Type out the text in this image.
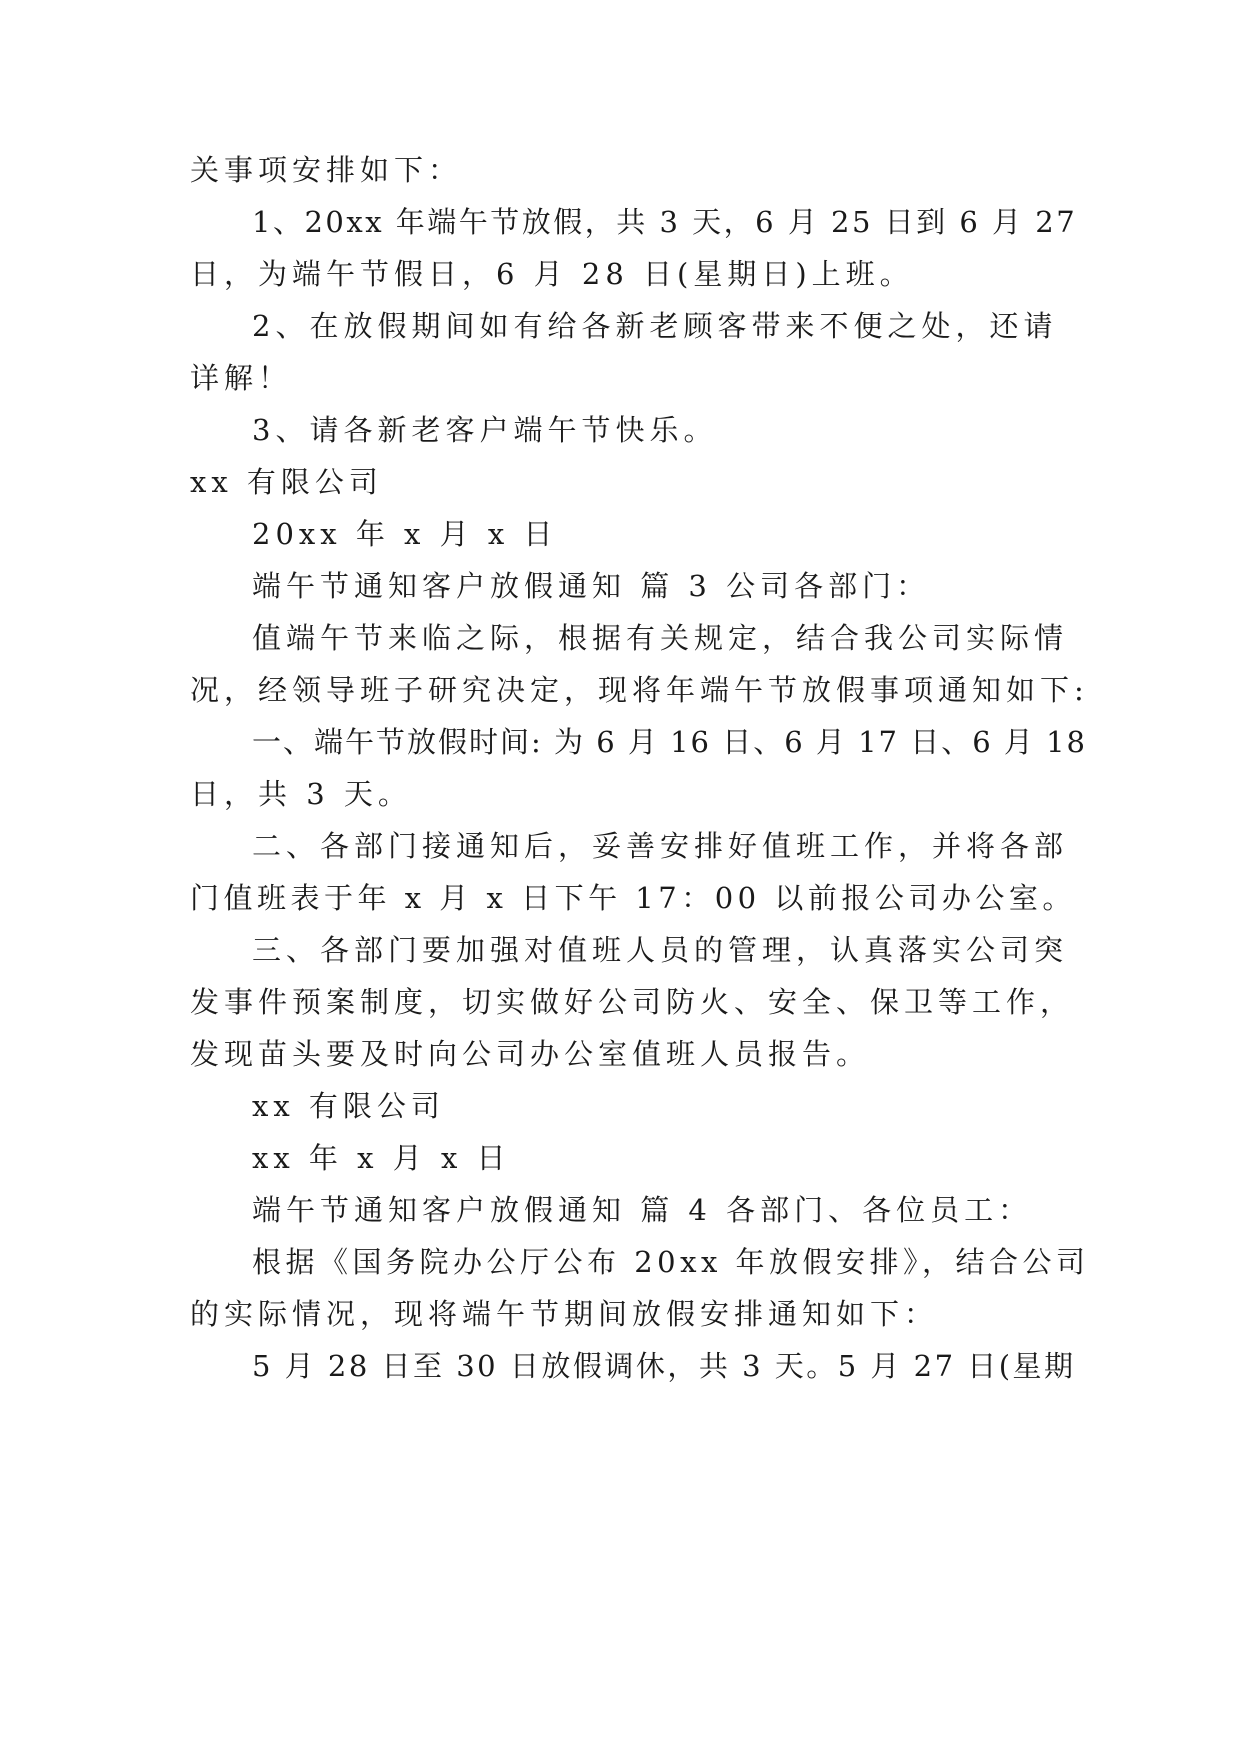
关事项安排如下：
1、20xx 年端午节放假，共 3 天，6 月 25 日到 6 月 27
日，为端午节假日，6 月 28 日(星期日)上班。
2、在放假期间如有给各新老顾客带来不便之处，还请
详解！
3、请各新老客户端午节快乐。
xx 有限公司
20xx 年 x 月 x 日
端午节通知客户放假通知 篇 3 公司各部门：
值端午节来临之际，根据有关规定，结合我公司实际情
况，经领导班子研究决定，现将年端午节放假事项通知如下:
一、端午节放假时间: 为 6 月 16 日、6 月 17 日、6 月 18
日，共 3 天。
二、各部门接通知后，妥善安排好值班工作，并将各部
门值班表于年 x 月 x 日下午 17：00 以前报公司办公室。
三、各部门要加强对值班人员的管理，认真落实公司突
发事件预案制度，切实做好公司防火、安全、保卫等工作，
发现苗头要及时向公司办公室值班人员报告。
xx 有限公司
xx 年 x 月 x 日
端午节通知客户放假通知 篇 4 各部门、各位员工：
根据《国务院办公厅公布 20xx 年放假安排》，结合公司
的实际情况，现将端午节期间放假安排通知如下：
5 月 28 日至 30 日放假调休，共 3 天。5 月 27 日(星期
